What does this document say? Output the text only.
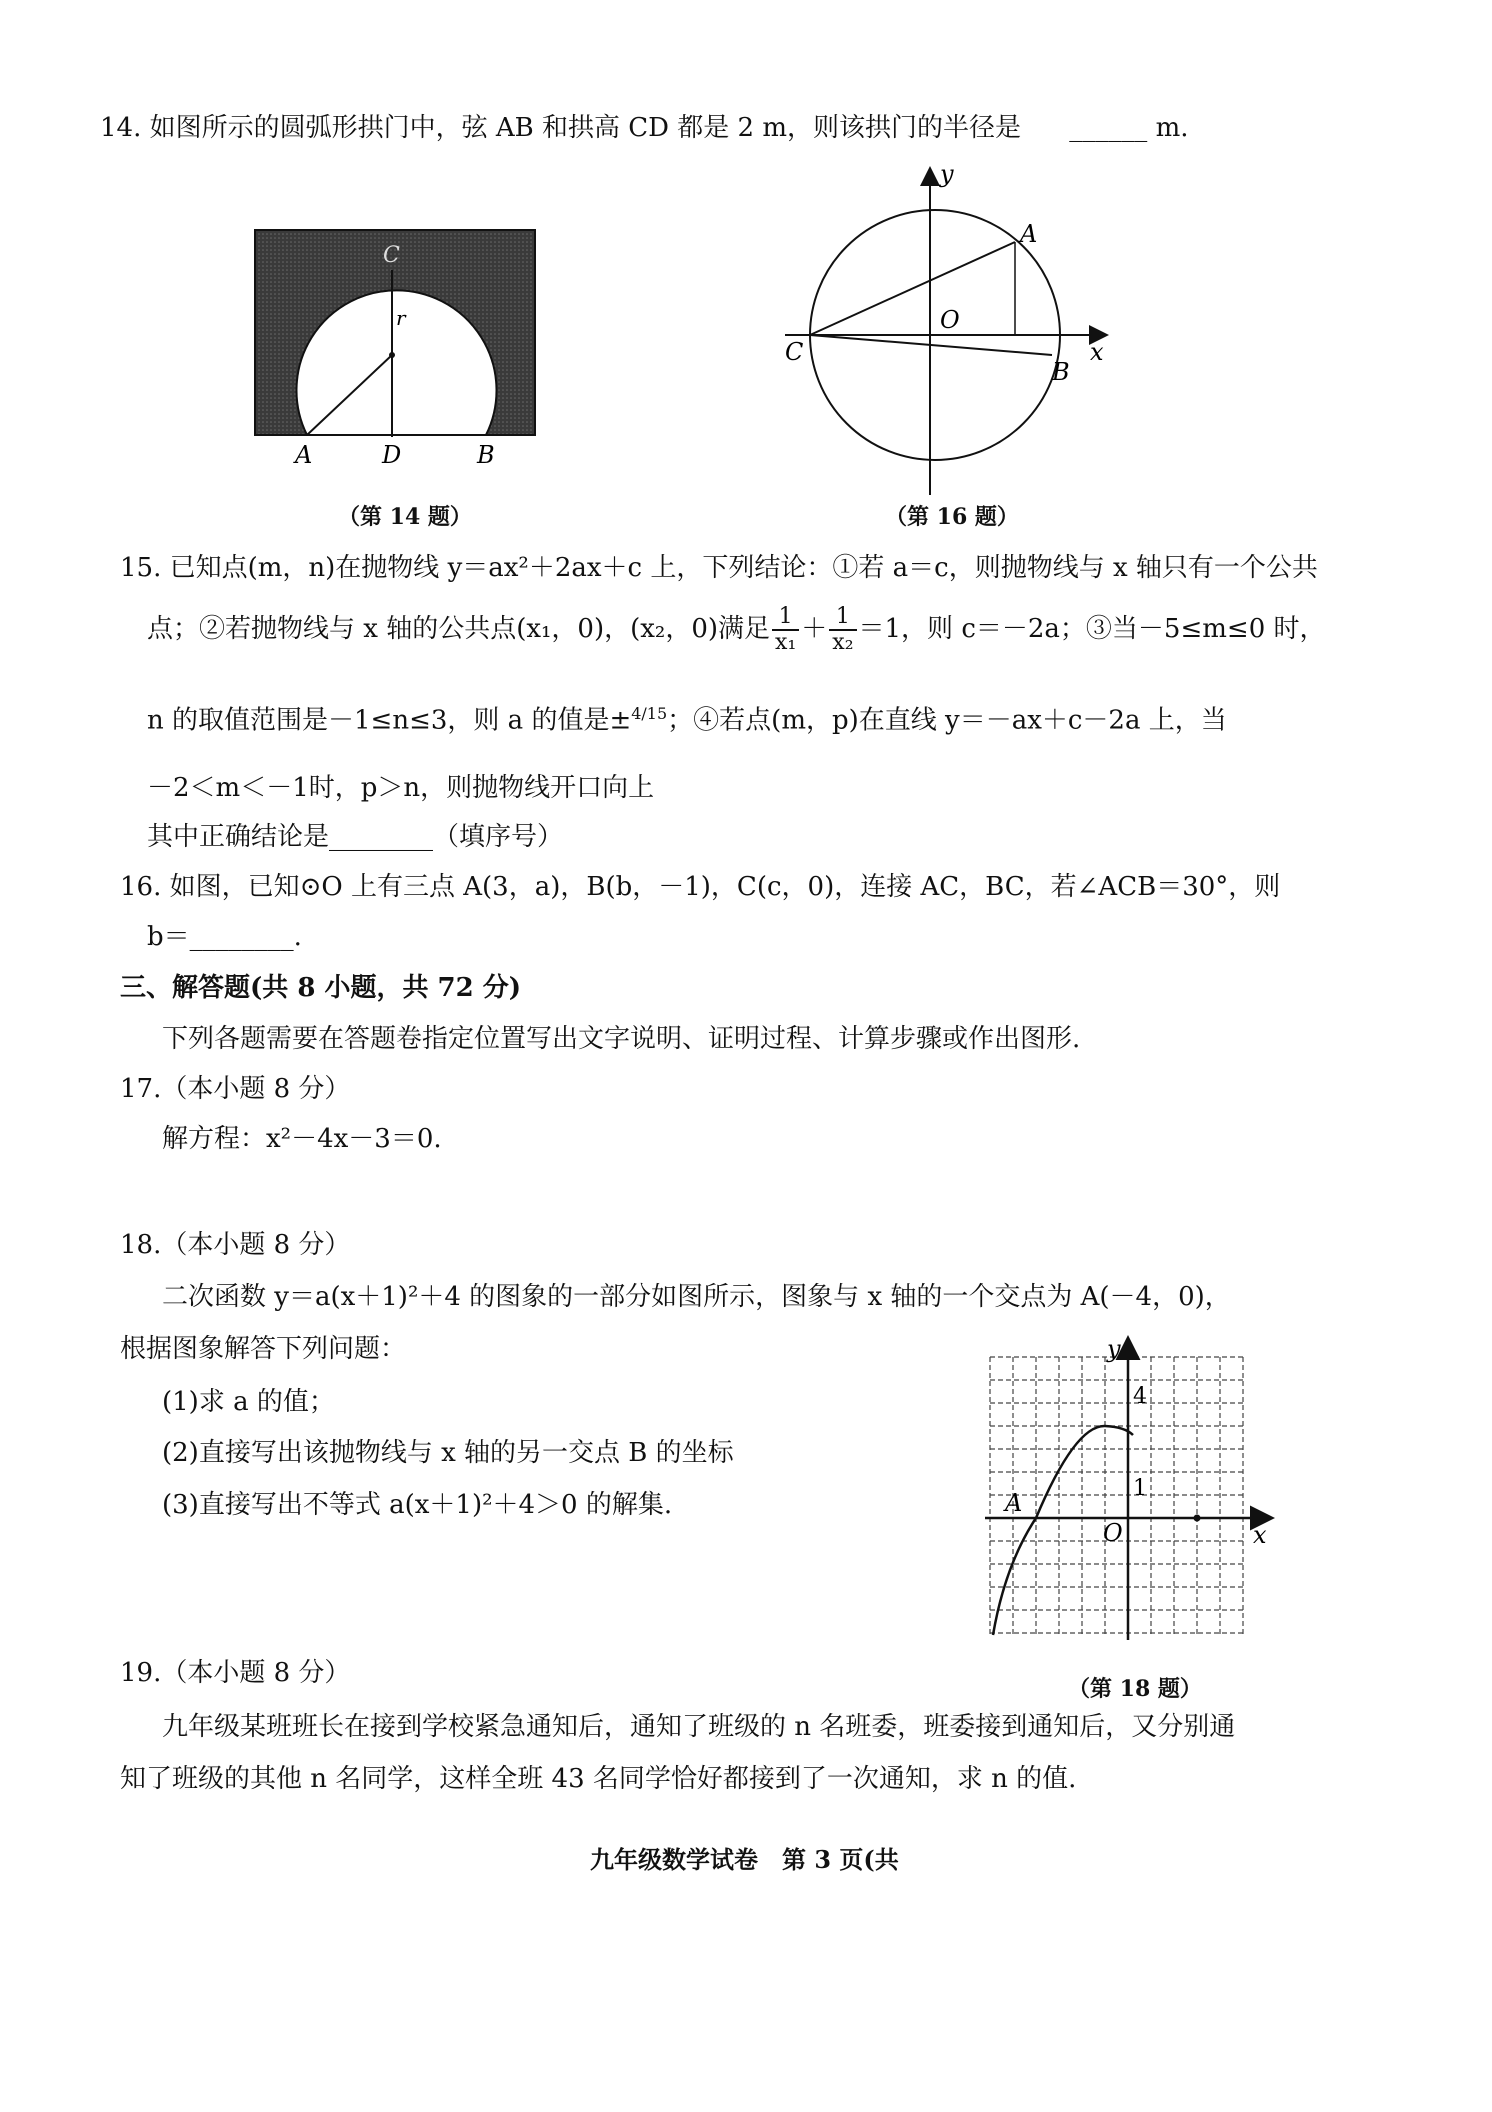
14. 如图所示的圆弧形拱门中，弦 AB 和拱高 CD 都是 2 m，则该拱门的半径是 ______ m.
C
r
A	D	B
（第 14 题）
y
A
O
C
B
x
（第 16 题）
15. 已知点(m，n)在抛物线 y＝ax²＋2ax＋c 上，下列结论：①若 a＝c，则抛物线与 x 轴只有一个公共
点；②若抛物线与 x 轴的公共点(x₁，0)，(x₂，0)满足 $\frac{1}{\text{x₁}} + \frac{1}{\text{x₂}} =1$，则 c＝－2a；③当－5≤m≤0 时，
n 的取值范围是－1≤n≤3，则 a 的值是±$^{4/15}$；④若点(m，p)在直线 y＝－ax＋c－2a 上，当
－2＜m＜－1时，p＞n，则抛物线开口向上
其中正确结论是________（填序号）
16. 如图，已知⊙O 上有三点 A(3，a)，B(b，－1)，C(c，0)，连接 AC，BC，若∠ACB＝30°，则
b＝________.
三、解答题(共 8 小题，共 72 分)
下列各题需要在答题卷指定位置写出文字说明、证明过程、计算步骤或作出图形.
17.（本小题 8 分）
解方程：x²－4x－3＝0.
18.（本小题 8 分）
二次函数 y＝a(x＋1)²＋4 的图象的一部分如图所示，图象与 x 轴的一个交点为 A(－4，0)，
根据图象解答下列问题：
(1)求 a 的值；
(2)直接写出该抛物线与 x 轴的另一交点 B 的坐标
(3)直接写出不等式 a(x＋1)²＋4＞0 的解集.
y
4
1
A
O	x
（第 18 题）
19.（本小题 8 分）
九年级某班班长在接到学校紧急通知后，通知了班级的 n 名班委，班委接到通知后，又分别通
知了班级的其他 n 名同学，这样全班 43 名同学恰好都接到了一次通知，求 n 的值.
九年级数学试卷　第 3 页(共
